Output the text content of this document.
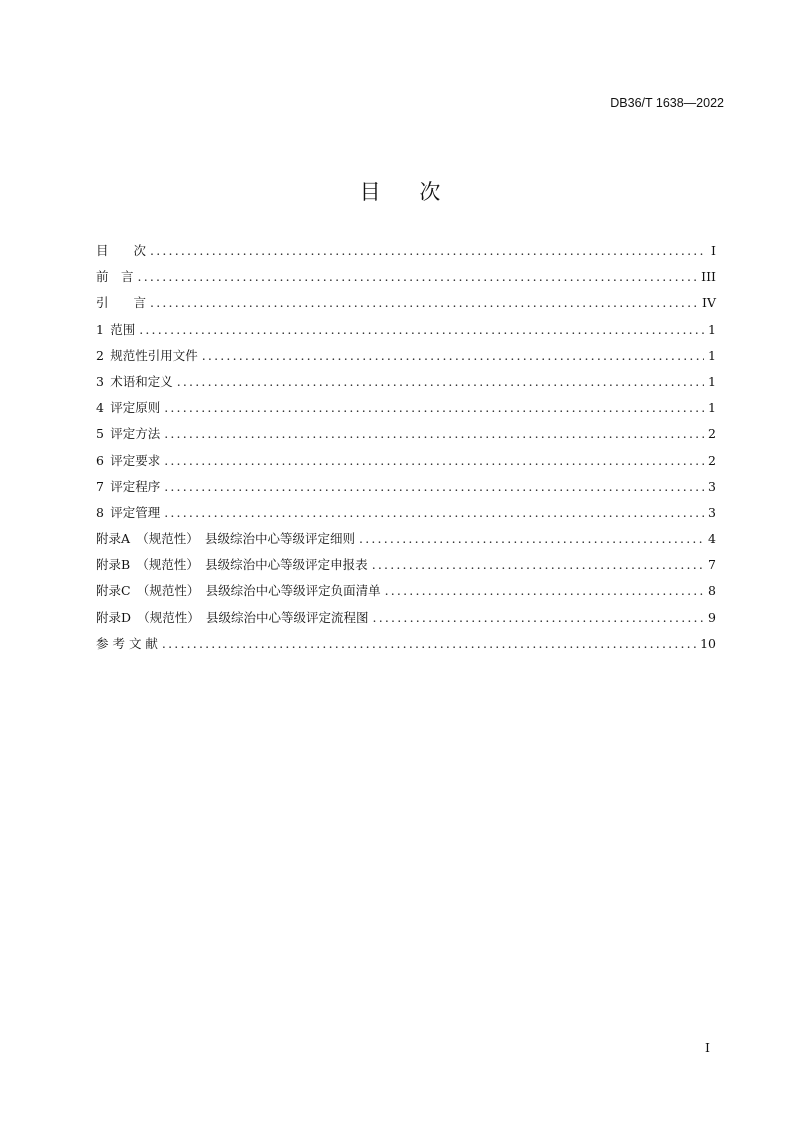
DB36/T 1638—2022
目 次
目　　次 .....	I
前　言 .....	III
引　　言 .....	IV
1 范围 .....	1
2 规范性引用文件 .....	1
3 术语和定义 .....	1
4 评定原则 .....	1
5 评定方法 .....	2
6 评定要求 .....	2
7 评定程序 .....	3
8 评定管理 .....	3
附录A （规范性） 县级综治中心等级评定细则 .....	4
附录B （规范性） 县级综治中心等级评定申报表 .....	7
附录C （规范性） 县级综治中心等级评定负面清单 .....	8
附录D （规范性） 县级综治中心等级评定流程图 .....	9
参 考 文 献 .....	10
I
